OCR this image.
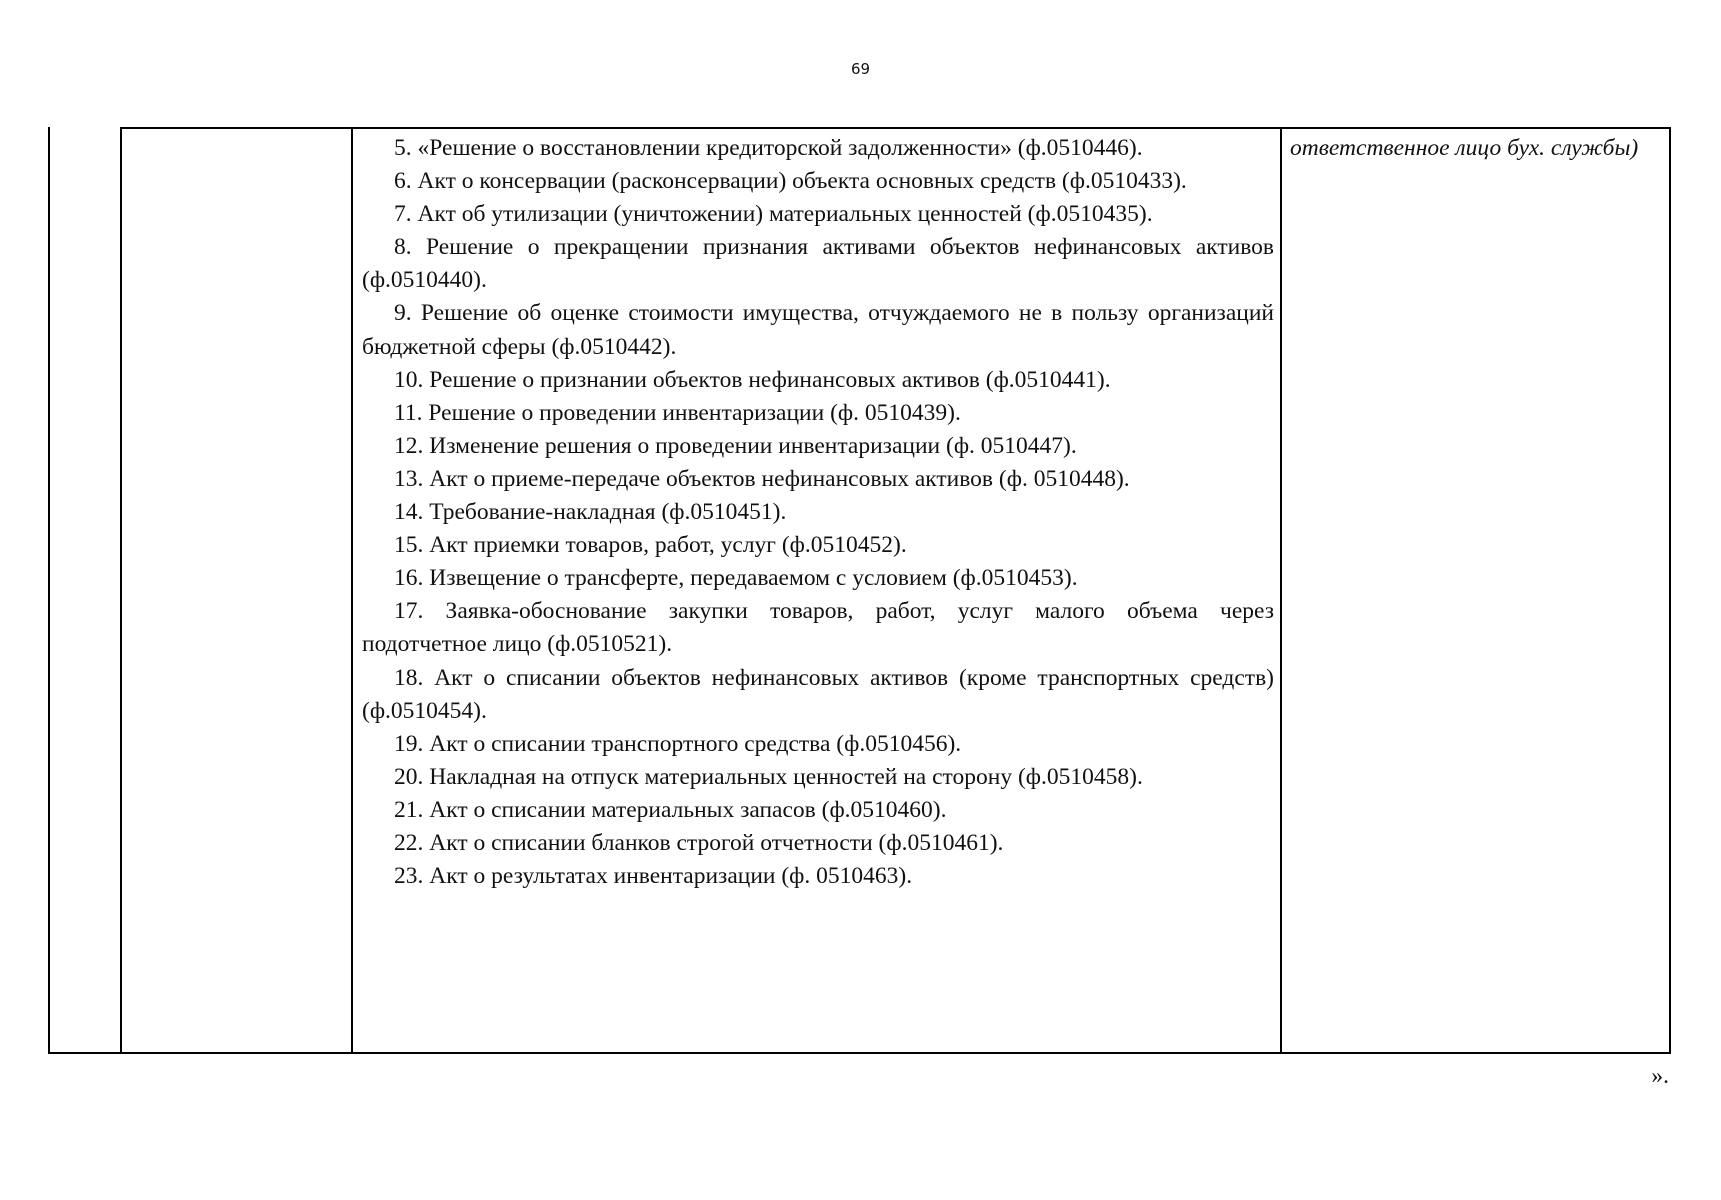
69

5. «Решение о восстановлении кредиторской задолженности» (ф.0510446).

6. Акт о консервации (расконсервации) объекта основных средств (ф.0510433).

7. Акт об утилизации (уничтожении) материальных ценностей (ф.0510435).

8. Решение о прекращении признания активами объектов нефинансовых активов (ф.0510440).

9. Решение об оценке стоимости имущества, отчуждаемого не в пользу организаций бюджетной сферы (ф.0510442).

10. Решение о признании объектов нефинансовых активов (ф.0510441).

11. Решение о проведении инвентаризации (ф. 0510439).

12. Изменение решения о проведении инвентаризации (ф. 0510447).

13. Акт о приеме-передаче объектов нефинансовых активов (ф. 0510448).

14. Требование-накладная (ф.0510451).

15. Акт приемки товаров, работ, услуг (ф.0510452).

16. Извещение о трансферте, передаваемом с условием (ф.0510453).

17. Заявка-обоснование закупки товаров, работ, услуг малого объема через подотчетное лицо (ф.0510521).

18. Акт о списании объектов нефинансовых активов (кроме транспортных средств) (ф.0510454).

19. Акт о списании транспортного средства (ф.0510456).

20. Накладная на отпуск материальных ценностей на сторону (ф.0510458).

21. Акт о списании материальных запасов (ф.0510460).

22. Акт о списании бланков строгой отчетности (ф.0510461).

23. Акт о результатах инвентаризации (ф. 0510463).

ответственное лицо бух. службы)
».
